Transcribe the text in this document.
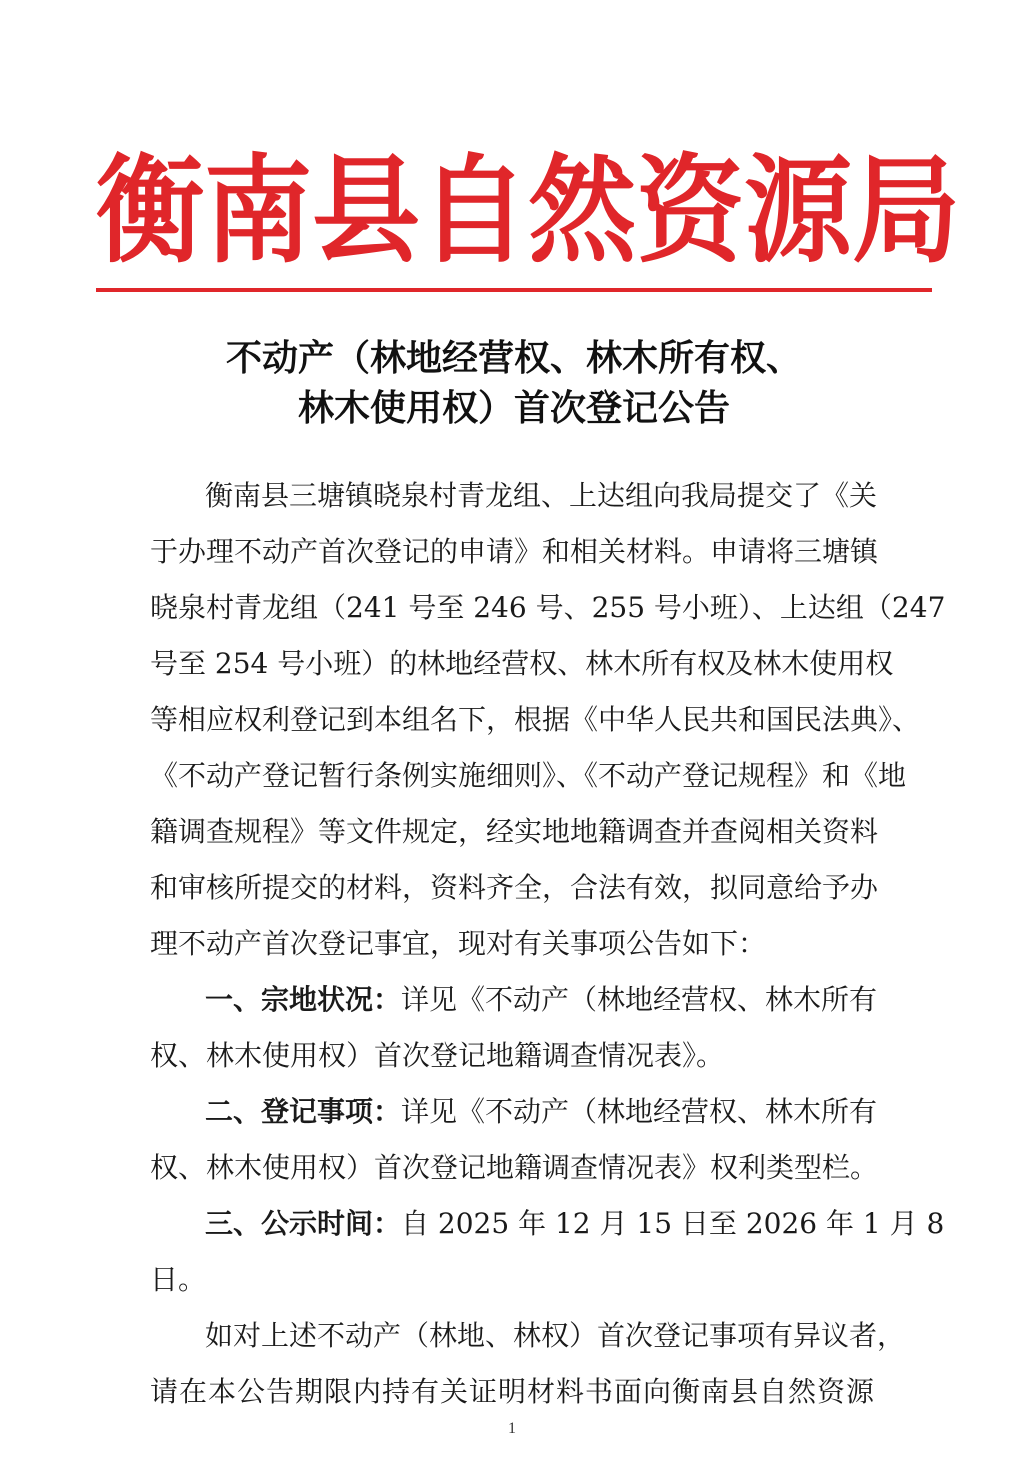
衡 南 县 自 然 资 源 局
不动产（林地经营权、林木所有权、
林木使用权）首次登记公告
衡南县三塘镇晓泉村青龙组、上达组向我局提交了《关
于办理不动产首次登记的申请》和相关材料。申请将三塘镇
晓泉村青龙组（241 号至 246 号、255 号小班）、上达组（247
号至 254 号小班）的林地经营权、林木所有权及林木使用权
等相应权利登记到本组名下，根据《中华人民共和国民法典》、
《不动产登记暂行条例实施细则》、《不动产登记规程》和《地
籍调查规程》等文件规定，经实地地籍调查并查阅相关资料
和审核所提交的材料，资料齐全，合法有效，拟同意给予办
理不动产首次登记事宜，现对有关事项公告如下：
一、宗地状况：详见《不动产（林地经营权、林木所有
权、林木使用权）首次登记地籍调查情况表》。
二、登记事项：详见《不动产（林地经营权、林木所有
权、林木使用权）首次登记地籍调查情况表》权利类型栏。
三、公示时间：自 2025 年 12 月 15 日至 2026 年 1 月 8
日。
如对上述不动产（林地、林权）首次登记事项有异议者，
请在本公告期限内持有关证明材料书面向衡南县自然资源
1
